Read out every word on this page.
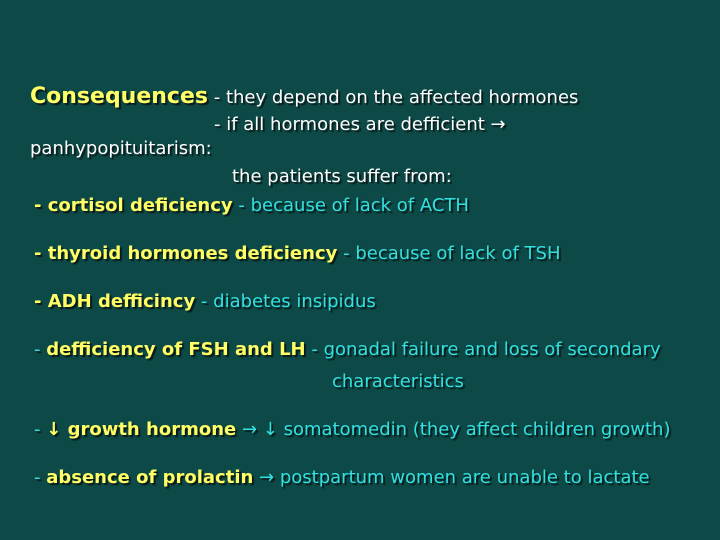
Consequences - they depend on the affected hormones
- if all hormones are defficient →
panhypopituitarism:
the patients suffer from:
- cortisol deficiency - because of lack of ACTH
- thyroid hormones deficiency - because of lack of TSH
- ADH defficincy - diabetes insipidus
- defficiency of FSH and LH - gonadal failure and loss of secondary
characteristics
- ↓ growth hormone → ↓ somatomedin (they affect children growth)
- absence of prolactin → postpartum women are unable to lactate
